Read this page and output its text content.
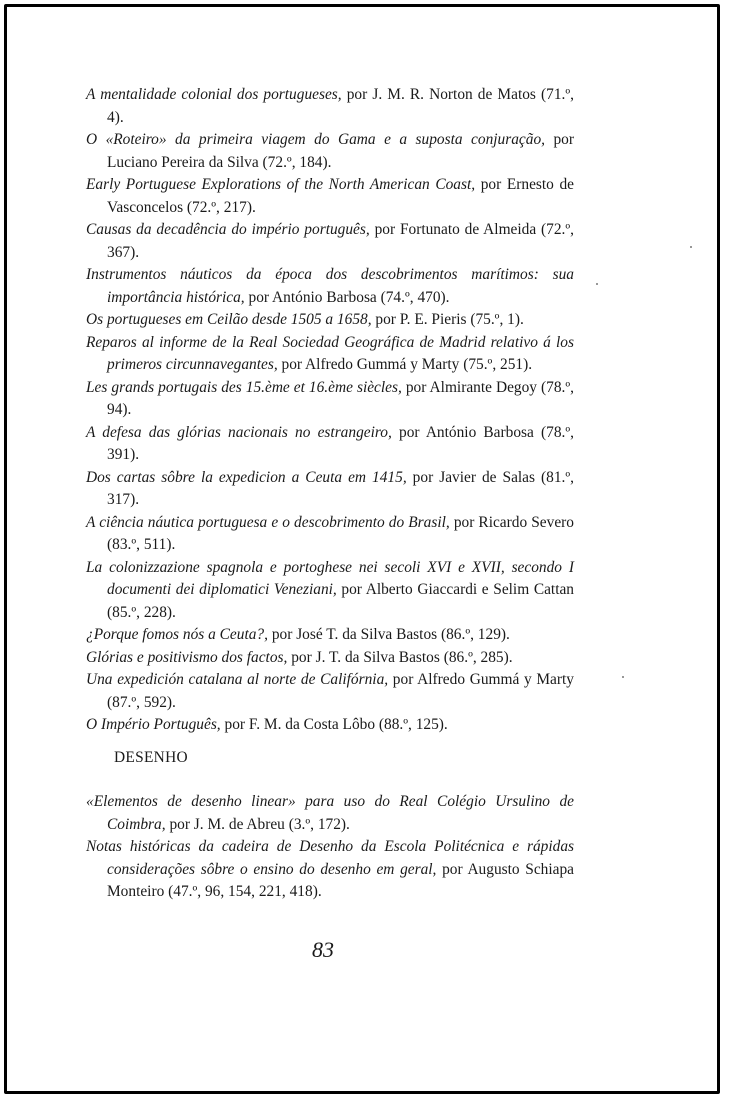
A mentalidade colonial dos portugueses, por J. M. R. Norton de Matos (71.º, 4).

O «Roteiro» da primeira viagem do Gama e a suposta conjuração, por Luciano Pereira da Silva (72.º, 184).

Early Portuguese Explorations of the North American Coast, por Ernesto de Vasconcelos (72.º, 217).

Causas da decadência do império português, por Fortunato de Almeida (72.º, 367).

Instrumentos náuticos da época dos descobrimentos marítimos: sua importância histórica, por António Barbosa (74.º, 470).

Os portugueses em Ceilão desde 1505 a 1658, por P. E. Pieris (75.º, 1).

Reparos al informe de la Real Sociedad Geográfica de Madrid relativo á los primeros circunnavegantes, por Alfredo Gummá y Marty (75.º, 251).

Les grands portugais des 15.ème et 16.ème siècles, por Almirante Degoy (78.º, 94).

A defesa das glórias nacionais no estrangeiro, por António Barbosa (78.º, 391).

Dos cartas sôbre la expedicion a Ceuta em 1415, por Javier de Salas (81.º, 317).

A ciência náutica portuguesa e o descobrimento do Brasil, por Ricardo Severo (83.º, 511).

La colonizzazione spagnola e portoghese nei secoli XVI e XVII, secondo I documenti dei diplomatici Veneziani, por Alberto Giaccardi e Selim Cattan (85.º, 228).

¿Porque fomos nós a Ceuta?, por José T. da Silva Bastos (86.º, 129).

Glórias e positivismo dos factos, por J. T. da Silva Bastos (86.º, 285).

Una expedición catalana al norte de Califórnia, por Alfredo Gummá y Marty (87.º, 592).

O Império Português, por F. M. da Costa Lôbo (88.º, 125).

DESENHO

«Elementos de desenho linear» para uso do Real Colégio Ursulino de Coimbra, por J. M. de Abreu (3.º, 172).

Notas históricas da cadeira de Desenho da Escola Politécnica e rápidas considerações sôbre o ensino do desenho em geral, por Augusto Schiapa Monteiro (47.º, 96, 154, 221, 418).

83
